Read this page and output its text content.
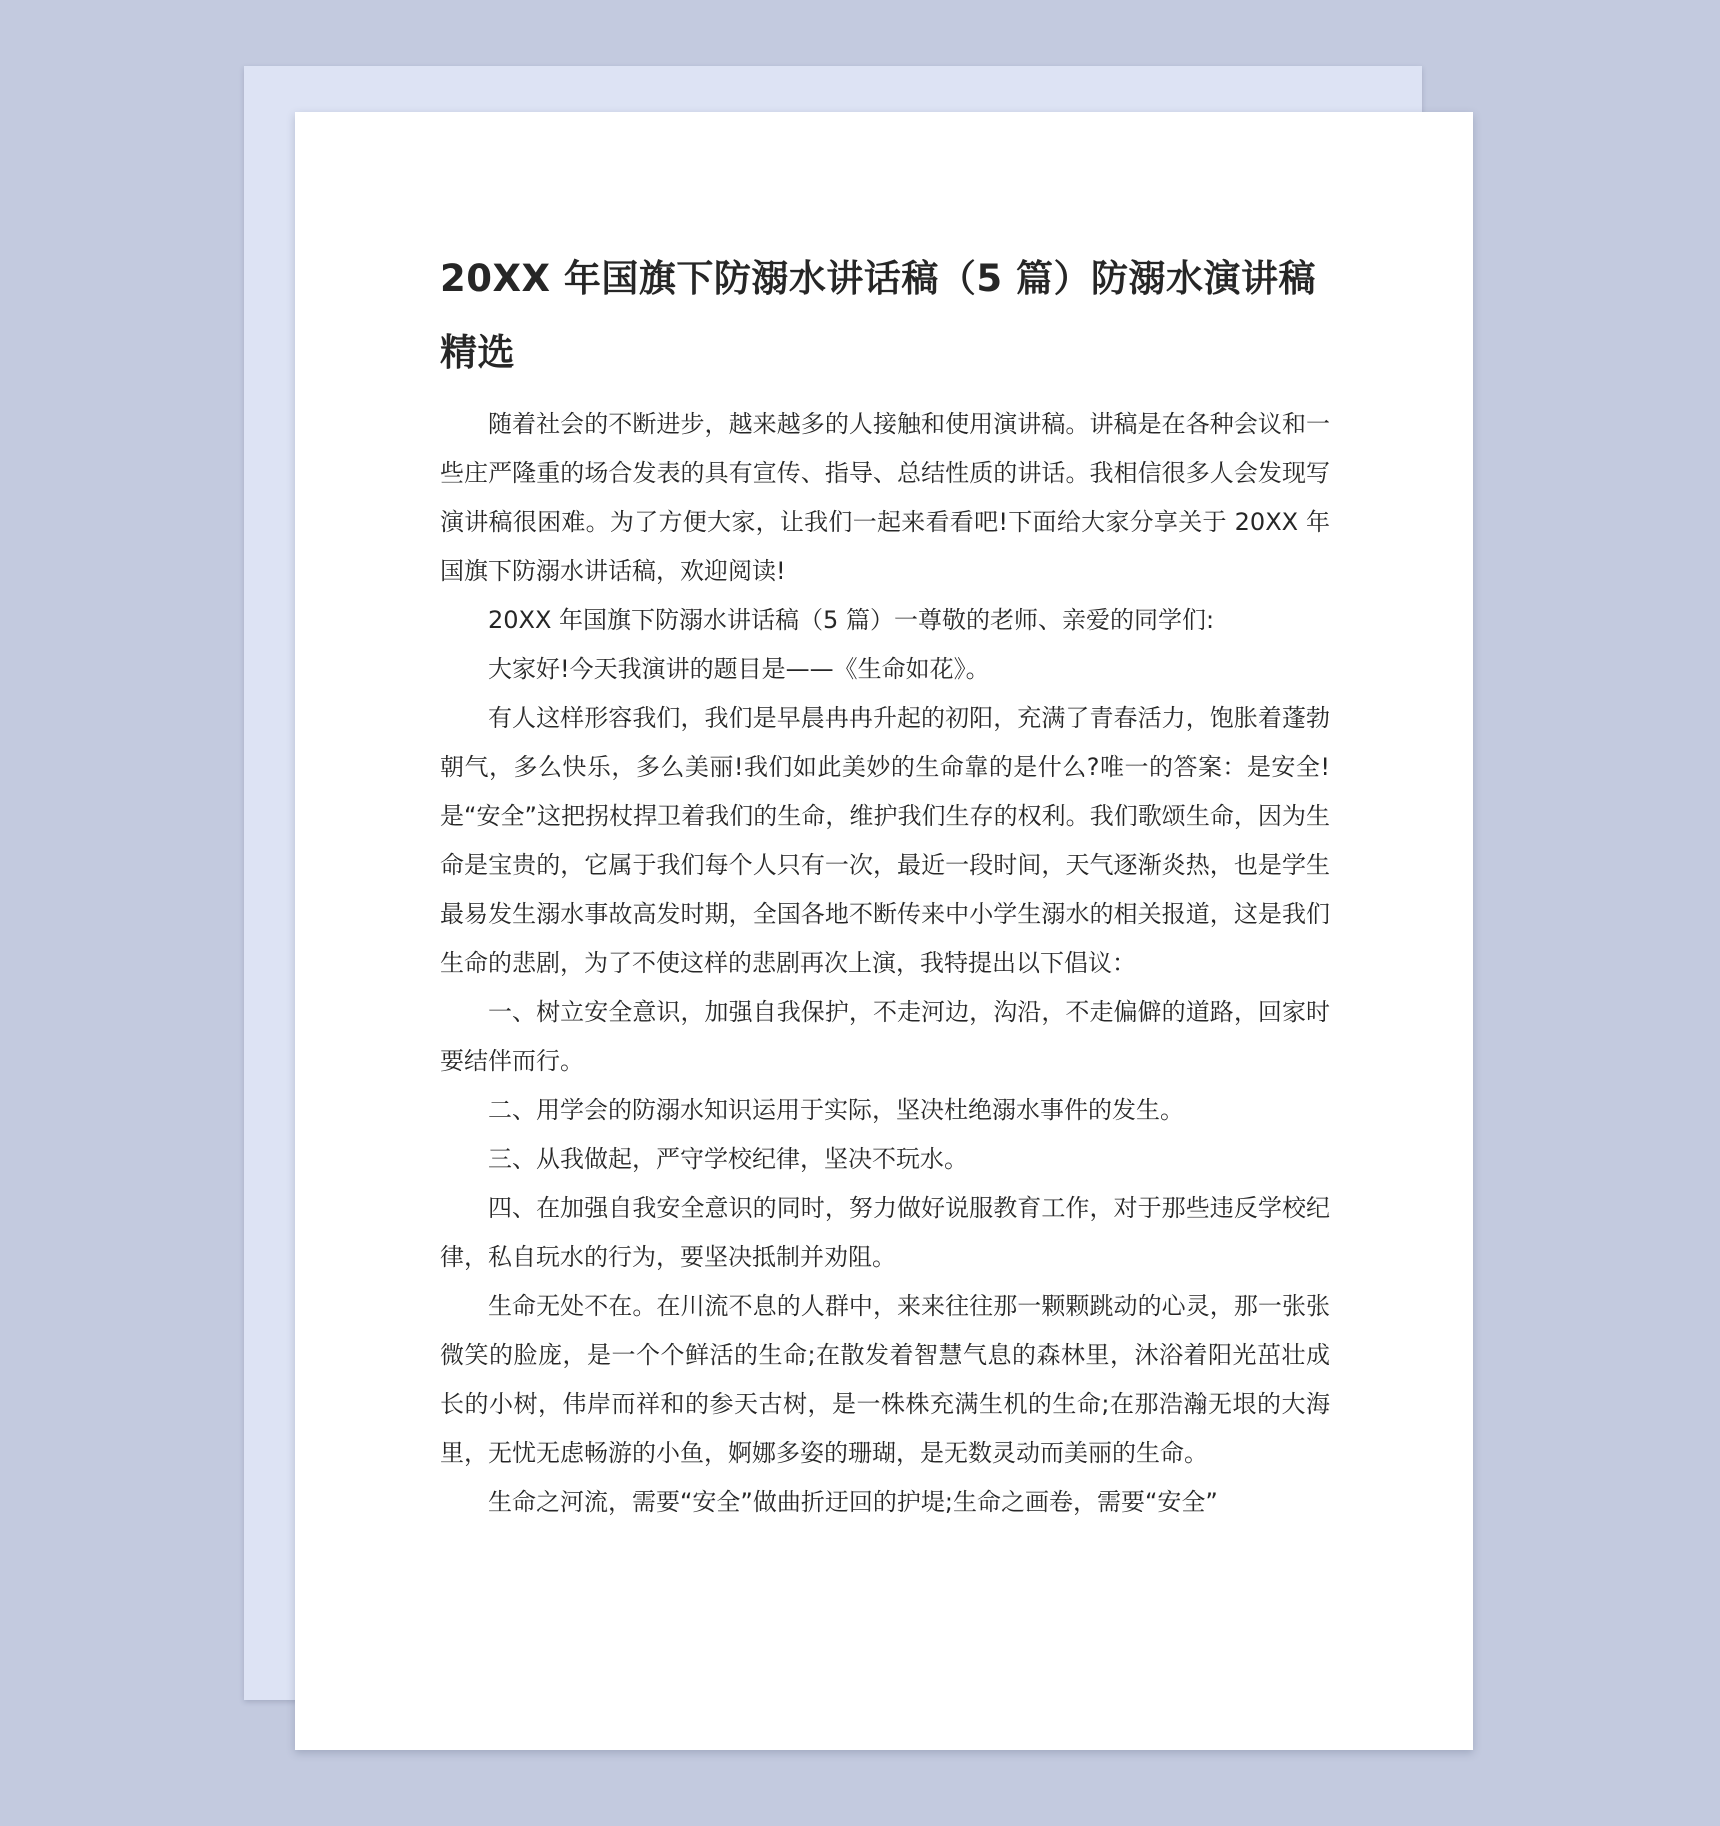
20XX 年国旗下防溺水讲话稿（5 篇）防溺水演讲稿精选

随着社会的不断进步，越来越多的人接触和使用演讲稿。讲稿是在各种会议和一些庄严隆重的场合发表的具有宣传、指导、总结性质的讲话。我相信很多人会发现写演讲稿很困难。为了方便大家，让我们一起来看看吧!下面给大家分享关于 20XX 年国旗下防溺水讲话稿，欢迎阅读!

20XX 年国旗下防溺水讲话稿（5 篇）一尊敬的老师、亲爱的同学们:

大家好!今天我演讲的题目是——《生命如花》。

有人这样形容我们，我们是早晨冉冉升起的初阳，充满了青春活力，饱胀着蓬勃朝气，多么快乐，多么美丽!我们如此美妙的生命靠的是什么?唯一的答案：是安全!是“安全”这把拐杖捍卫着我们的生命，维护我们生存的权利。我们歌颂生命，因为生命是宝贵的，它属于我们每个人只有一次，最近一段时间，天气逐渐炎热，也是学生最易发生溺水事故高发时期，全国各地不断传来中小学生溺水的相关报道，这是我们生命的悲剧，为了不使这样的悲剧再次上演，我特提出以下倡议：

一、树立安全意识，加强自我保护，不走河边，沟沿，不走偏僻的道路，回家时要结伴而行。

二、用学会的防溺水知识运用于实际，坚决杜绝溺水事件的发生。

三、从我做起，严守学校纪律，坚决不玩水。

四、在加强自我安全意识的同时，努力做好说服教育工作，对于那些违反学校纪律，私自玩水的行为，要坚决抵制并劝阻。

生命无处不在。在川流不息的人群中，来来往往那一颗颗跳动的心灵，那一张张微笑的脸庞，是一个个鲜活的生命;在散发着智慧气息的森林里，沐浴着阳光茁壮成长的小树，伟岸而祥和的参天古树，是一株株充满生机的生命;在那浩瀚无垠的大海里，无忧无虑畅游的小鱼，婀娜多姿的珊瑚，是无数灵动而美丽的生命。

生命之河流，需要“安全”做曲折迂回的护堤;生命之画卷，需要“安全”
